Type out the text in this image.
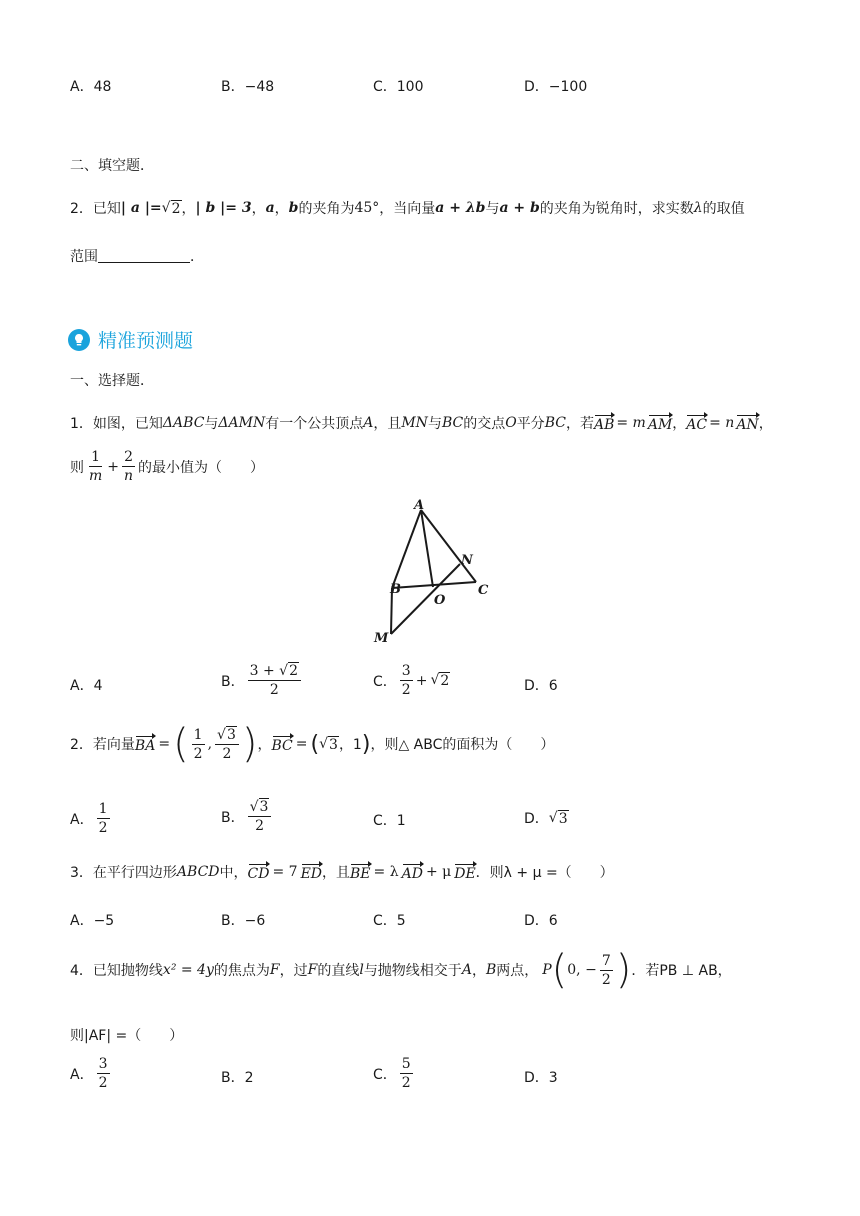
A．48	B．−48	C．100	D．−100
二、填空题．
2．已知 | a |= √ 2 ， | b |= 3 ， a ， b 的夹角为 45° ，当向量 a + λb 与 a + b 的夹角为锐角时，求实数 λ 的取值
范围	．
精准预测题
一、选择题．
1．如图，已知 ΔABC 与 ΔAMN 有一个公共顶点 A ，且 MN 与 BC 的交点 O 平分 BC ，若 AB = m AM ， AC = n AN ，
则 $\frac{1}{m} + \frac{2}{n}$ 的最小值为（　　）
A
B
N
O
C
M
A．4	B． $\frac{3 + √ 2}{2}$	C． $\frac{3}{2}$ + √ 2	D．6
2．若向量 BA = ( $\frac{1}{2}$ , $\frac{√ 3}{2}$ ) ， BC = ( √ 3 ，1 ) ，则△ ABC的面积为（　　）
A． $\frac{1}{2}$	B． $\frac{√ 3}{2}$	C．1	D． √ 3
3．在平行四边形 ABCD 中， CD = 7 ED ，且 BE = λ AD + μ DE ．则λ + μ =（　　）
A．−5	B．−6	C．5	D．6
4．已知抛物线 x² = 4y 的焦点为 F ，过 F 的直线 l 与抛物线相交于 A ， B 两点， P ( 0, − $\frac{7}{2}$ ) ．若PB ⊥ AB，
则|AF| =（　　）
A． $\frac{3}{2}$	B．2	C． $\frac{5}{2}$	D．3
